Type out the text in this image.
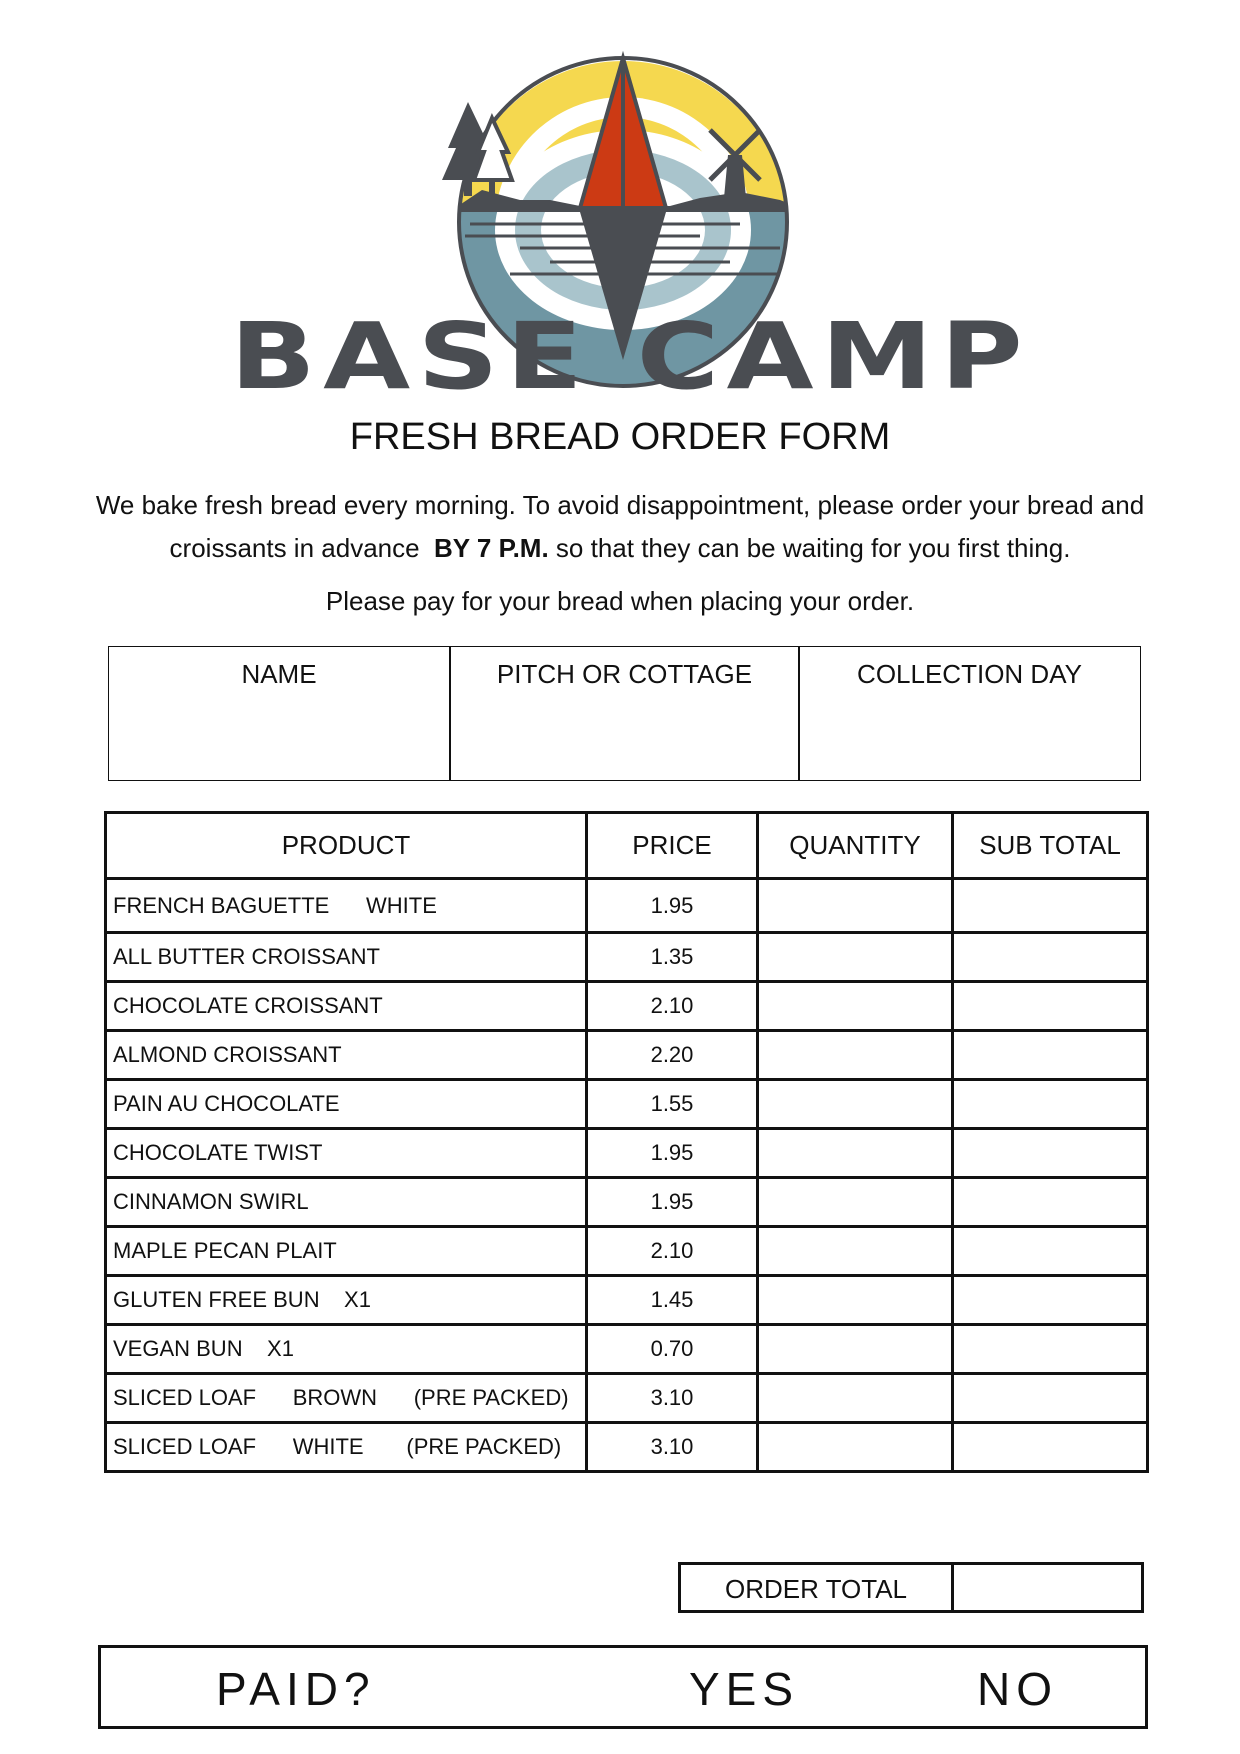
BASE CAMP
FRESH BREAD ORDER FORM
We bake fresh bread every morning. To avoid disappointment, please order your bread and croissants in advance BY 7 P.M. so that they can be waiting for you first thing.
Please pay for your bread when placing your order.
NAME	PITCH OR COTTAGE	COLLECTION DAY
PRODUCT	PRICE	QUANTITY	SUB TOTAL
FRENCH BAGUETTE      WHITE	1.95		
ALL BUTTER CROISSANT	1.35		
CHOCOLATE CROISSANT	2.10		
ALMOND CROISSANT	2.20		
PAIN AU CHOCOLATE	1.55		
CHOCOLATE TWIST	1.95		
CINNAMON SWIRL	1.95		
MAPLE PECAN PLAIT	2.10		
GLUTEN FREE BUN    X1	1.45		
VEGAN BUN    X1	0.70		
SLICED LOAF      BROWN      (PRE PACKED)	3.10		
SLICED LOAF      WHITE       (PRE PACKED)	3.10		
ORDER TOTAL
PAID?	YES	NO
